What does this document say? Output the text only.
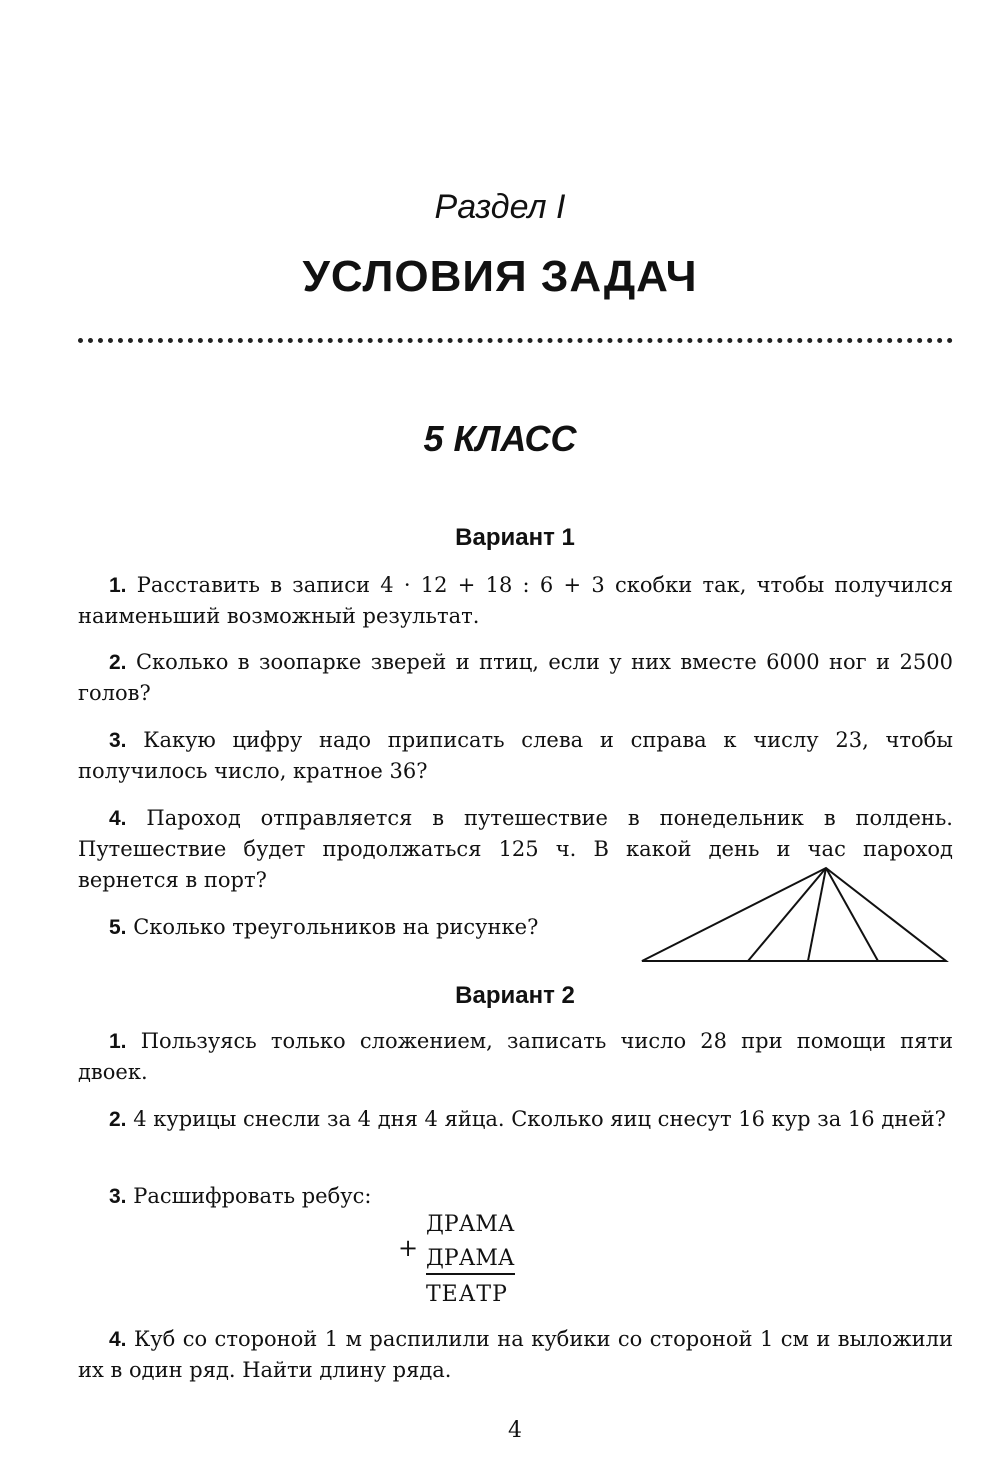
Раздел I
УСЛОВИЯ ЗАДАЧ
5 КЛАСС
Вариант 1
1. Расставить в записи 4 · 12 + 18 : 6 + 3 скобки так, чтобы получился наименьший возможный результат.
2. Сколько в зоопарке зверей и птиц, если у них вместе 6000 ног и 2500 голов?
3. Какую цифру надо приписать слева и справа к числу 23, чтобы получилось число, кратное 36?
4. Пароход отправляется в путешествие в понедельник в полдень. Путешествие будет продолжаться 125 ч. В какой день и час пароход вернется в порт?
5. Сколько треугольников на рисунке?
Вариант 2
1. Пользуясь только сложением, записать число 28 при помощи пяти двоек.
2. 4 курицы снесли за 4 дня 4 яйца. Сколько яиц снесут 16 кур за 16 дней?
3. Расшифровать ребус:
+
ДРАМА
ДРАМА
ТЕАТР
4. Куб со стороной 1 м распилили на кубики со стороной 1 см и выложили их в один ряд. Найти длину ряда.
4
